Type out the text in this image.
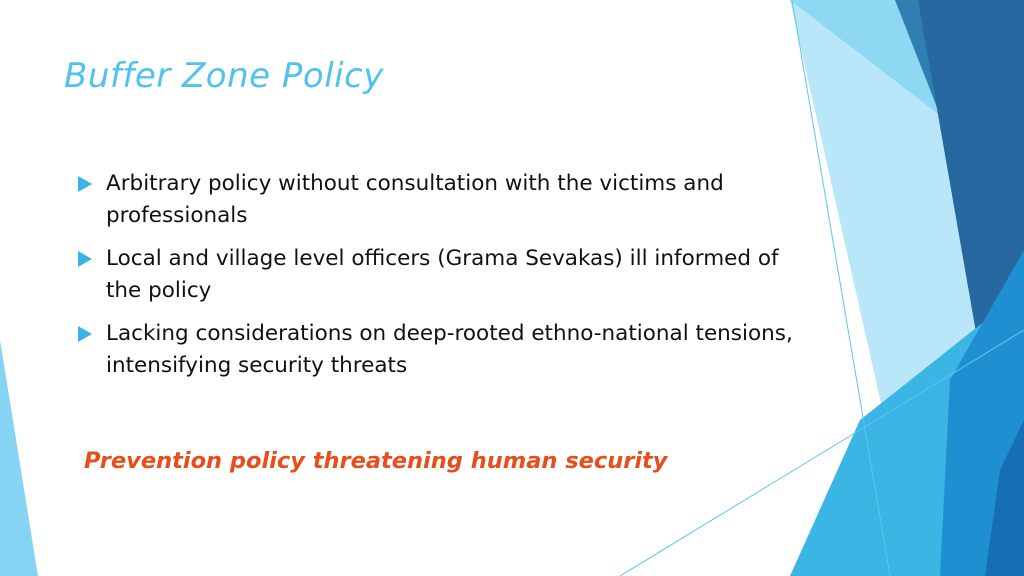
Buffer Zone Policy
Arbitrary policy without consultation with the victims and professionals
Local and village level officers (Grama Sevakas) ill informed of the policy
Lacking considerations on deep-rooted ethno-national tensions, intensifying security threats

Prevention policy threatening human security
